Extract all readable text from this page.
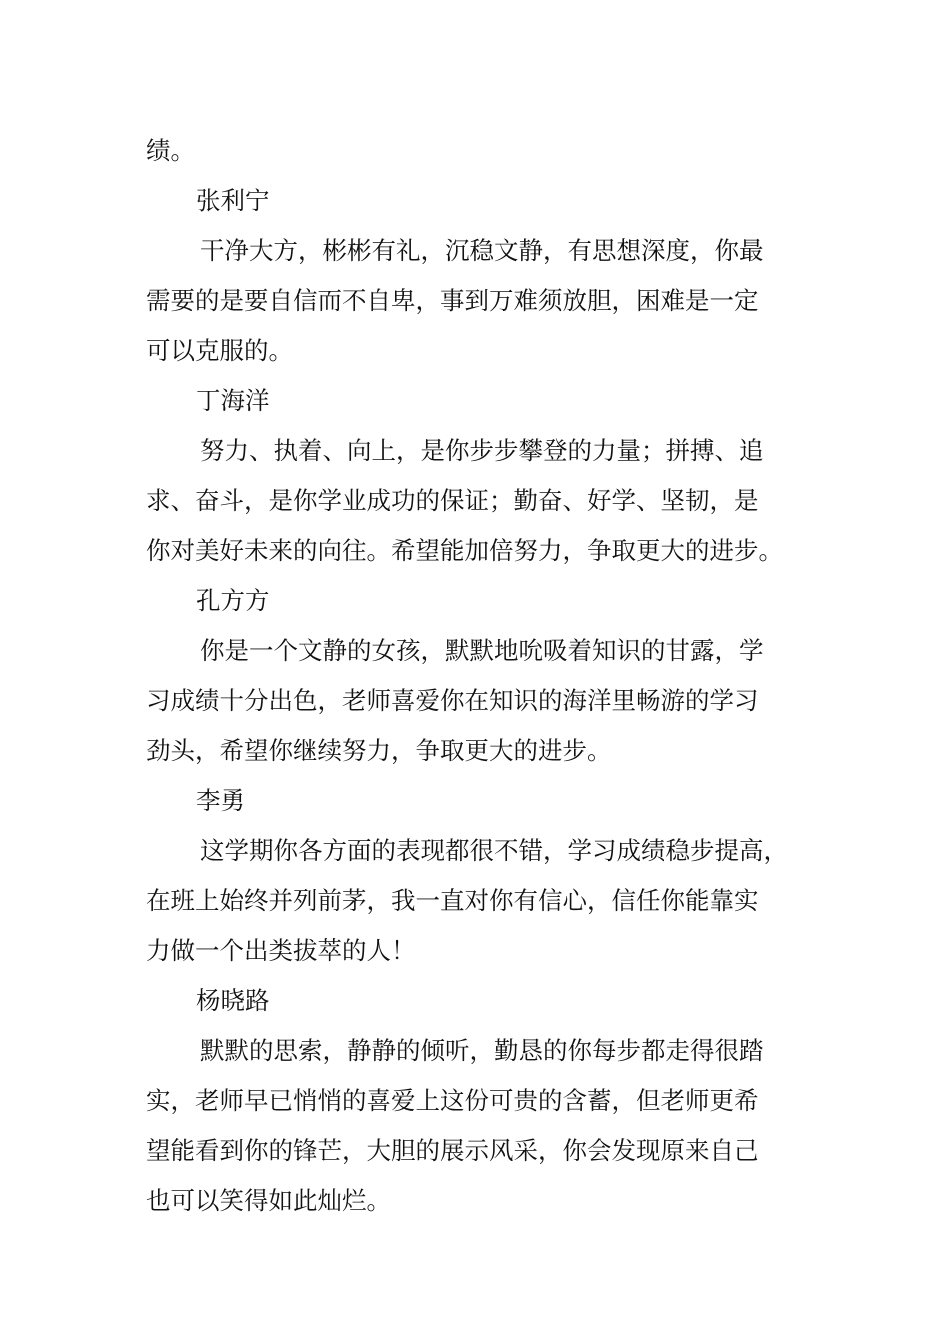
绩。
张利宁
干净大方，彬彬有礼，沉稳文静，有思想深度，你最
需要的是要自信而不自卑，事到万难须放胆，困难是一定
可以克服的。
丁海洋
努力、执着、向上，是你步步攀登的力量；拼搏、追
求、奋斗，是你学业成功的保证；勤奋、好学、坚韧，是
你对美好未来的向往。希望能加倍努力，争取更大的进步。
孔方方
你是一个文静的女孩，默默地吮吸着知识的甘露，学
习成绩十分出色，老师喜爱你在知识的海洋里畅游的学习
劲头，希望你继续努力，争取更大的进步。
李勇
这学期你各方面的表现都很不错，学习成绩稳步提高，
在班上始终并列前茅，我一直对你有信心，信任你能靠实
力做一个出类拔萃的人！
杨晓路
默默的思索，静静的倾听，勤恳的你每步都走得很踏
实，老师早已悄悄的喜爱上这份可贵的含蓄，但老师更希
望能看到你的锋芒，大胆的展示风采，你会发现原来自己
也可以笑得如此灿烂。
